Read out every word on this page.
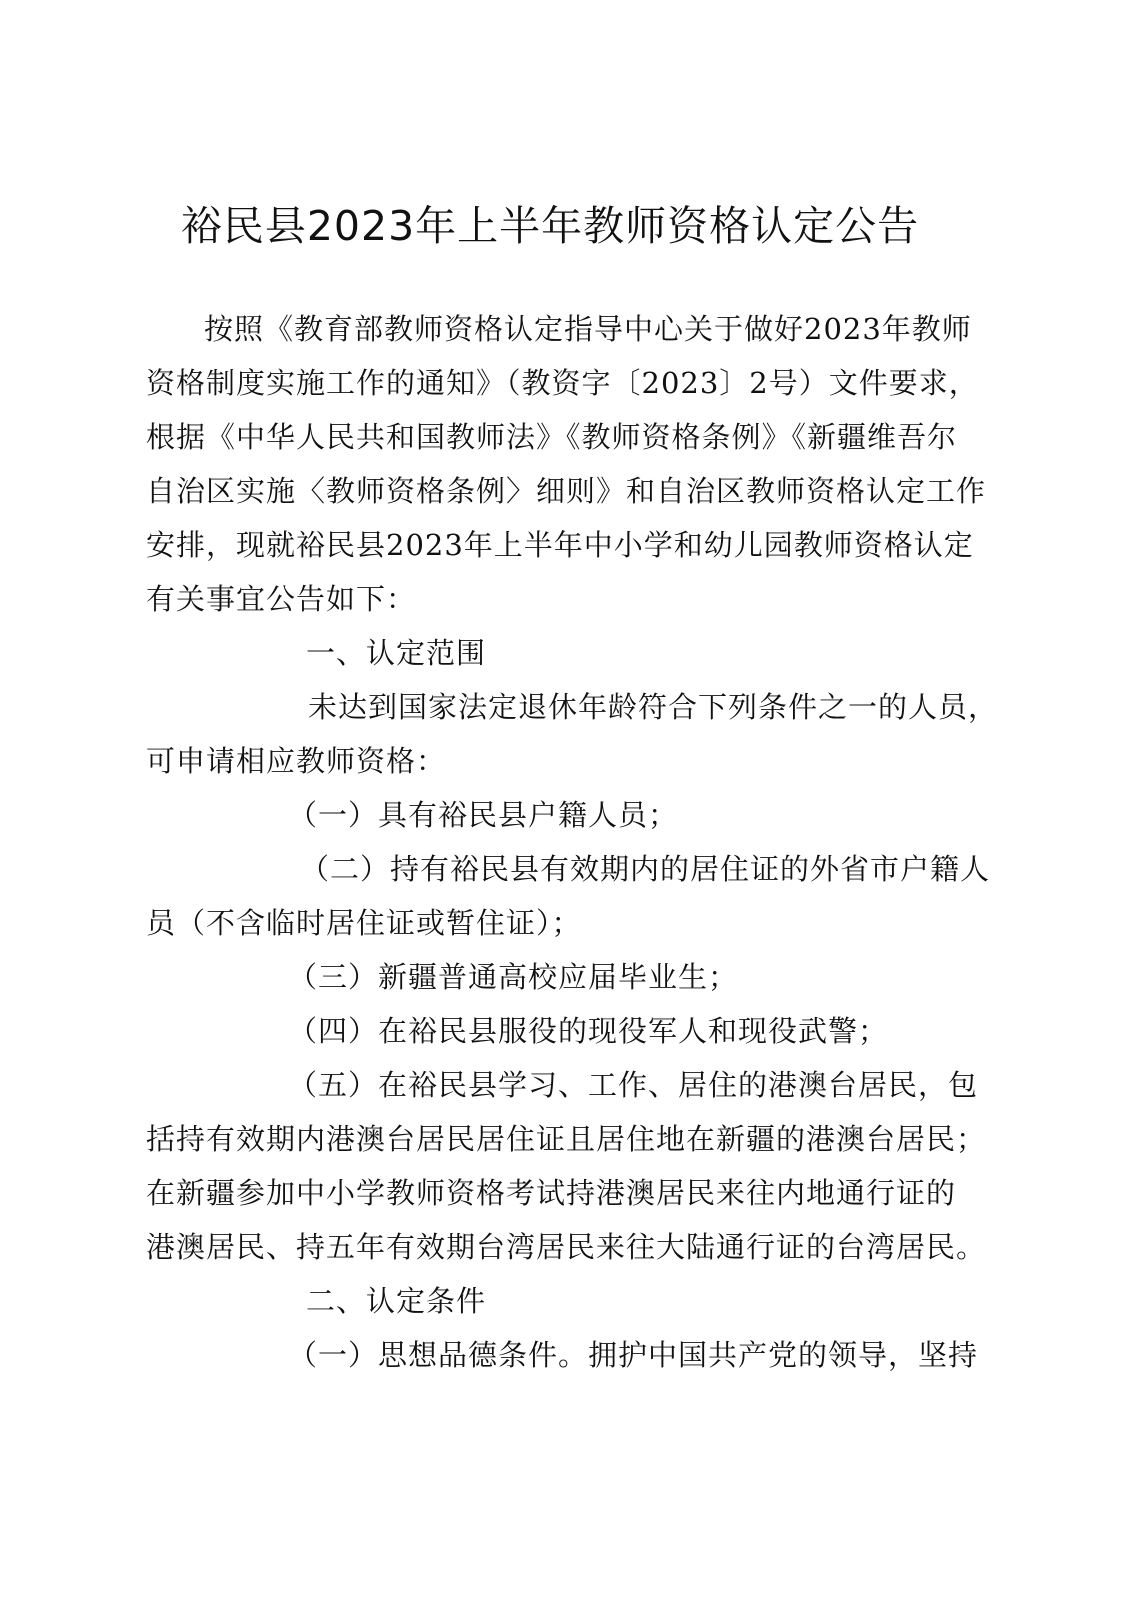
裕民县2023年上半年教师资格认定公告
按照《教育部教师资格认定指导中心关于做好2023年教师
资格制度实施工作的通知》（教资字〔2023〕2号）文件要求，
根据《中华人民共和国教师法》《教师资格条例》《新疆维吾尔
自治区实施〈教师资格条例〉细则》和自治区教师资格认定工作
安排，现就裕民县2023年上半年中小学和幼儿园教师资格认定
有关事宜公告如下：
一、认定范围
未达到国家法定退休年龄符合下列条件之一的人员，
可申请相应教师资格：
（一）具有裕民县户籍人员；
（二）持有裕民县有效期内的居住证的外省市户籍人
员（不含临时居住证或暂住证）；
（三）新疆普通高校应届毕业生；
（四）在裕民县服役的现役军人和现役武警；
（五）在裕民县学习、工作、居住的港澳台居民，包
括持有效期内港澳台居民居住证且居住地在新疆的港澳台居民；
在新疆参加中小学教师资格考试持港澳居民来往内地通行证的
港澳居民、持五年有效期台湾居民来往大陆通行证的台湾居民。
二、认定条件
（一）思想品德条件。拥护中国共产党的领导，坚持
